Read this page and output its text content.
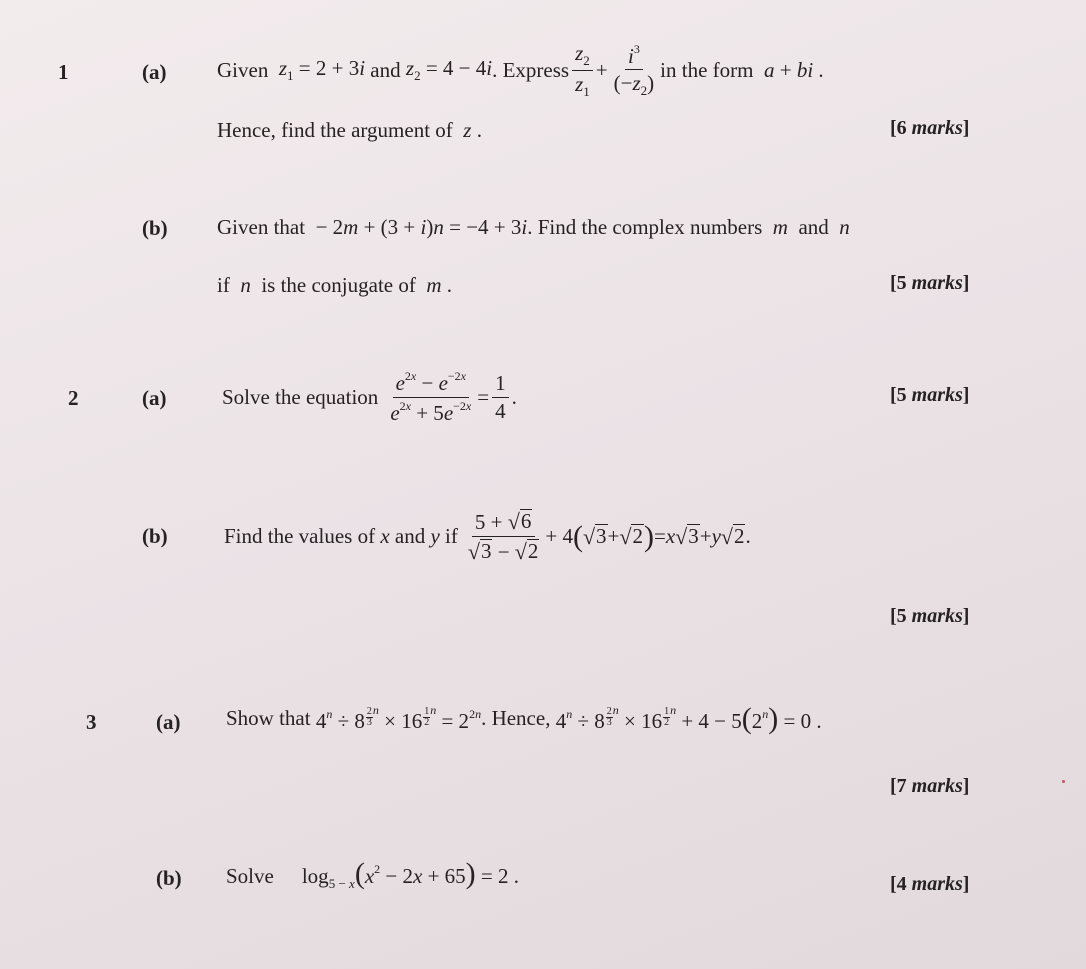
1	(a) Given $z_1 = 2 + 3i$ and $z_2 = 4 - 4i$ . Express $\frac{z_2}{z_1} + \frac{i^3}{(-z_2)}$ in the form a + bi .
Hence, find the argument of z .	[6 marks]
(b) Given that − 2m + (3 + i)n = −4 + 3i . Find the complex numbers m and n
if n is the conjugate of m .	[5 marks]
2	(a)	Solve the equation $\frac{e^{2x} - e^{-2x}}{e^{2x} + 5e^{-2x}} = \frac{1}{4}$ .	[5 marks]
(b)	Find the values of x and y if $\frac{5 + √ 6}{√ 3 - √ 2} + 4$ ( √ 3 + √ 2 ) = x √ 3 + y √ 2 .
[5 marks]
3	(a) Show that $4^n \div 8 \frac{2}{3} ^n \times 16 \frac{1}{2} ^n = 2^{2n}$ . Hence, $4^n \div 8 \frac{2}{3} ^n \times 16 \frac{1}{2} ^n + 4 - 5(2^n) = 0$ .
[7 marks]
(b) Solve $\log_{5 - x}(x^2 - 2x + 65) = 2$ .	[4 marks]
